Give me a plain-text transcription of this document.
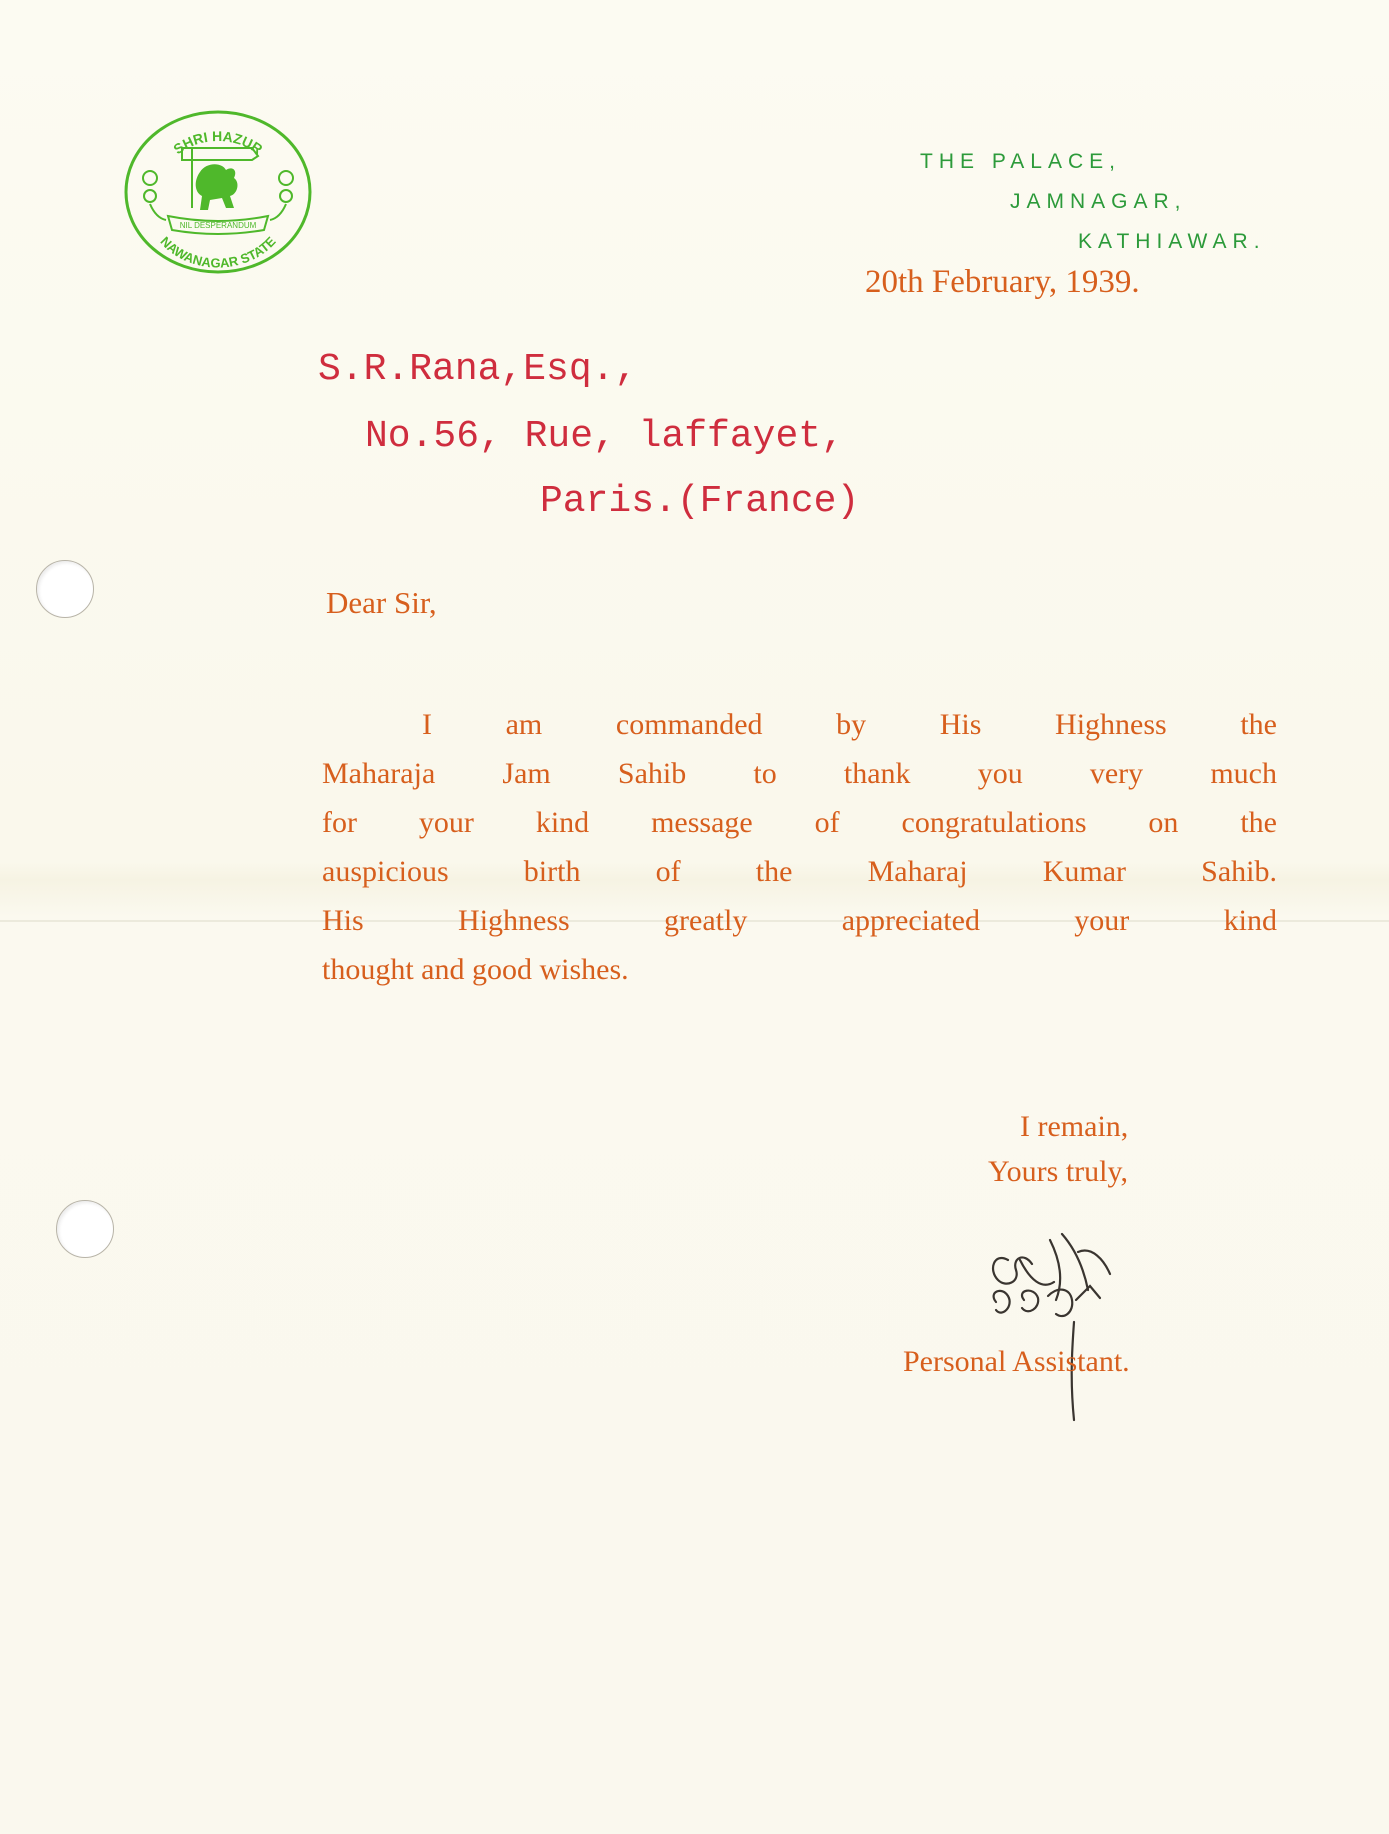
SHRI HAZUR
NAWANAGAR STATE
NIL DESPERANDUM
THE PALACE,
JAMNAGAR,
KATHIAWAR.
20th February, 1939.
S.R.Rana,Esq.,
No.56, Rue, laffayet,
Paris.(France)
Dear Sir,

I am commanded by His Highness the

Maharaja Jam Sahib to thank you very much

for your kind message of congratulations on the

auspicious birth of the Maharaj Kumar Sahib.

His Highness greatly appreciated your kind

thought and good wishes.

I remain,
Yours truly,
Personal Assistant.
